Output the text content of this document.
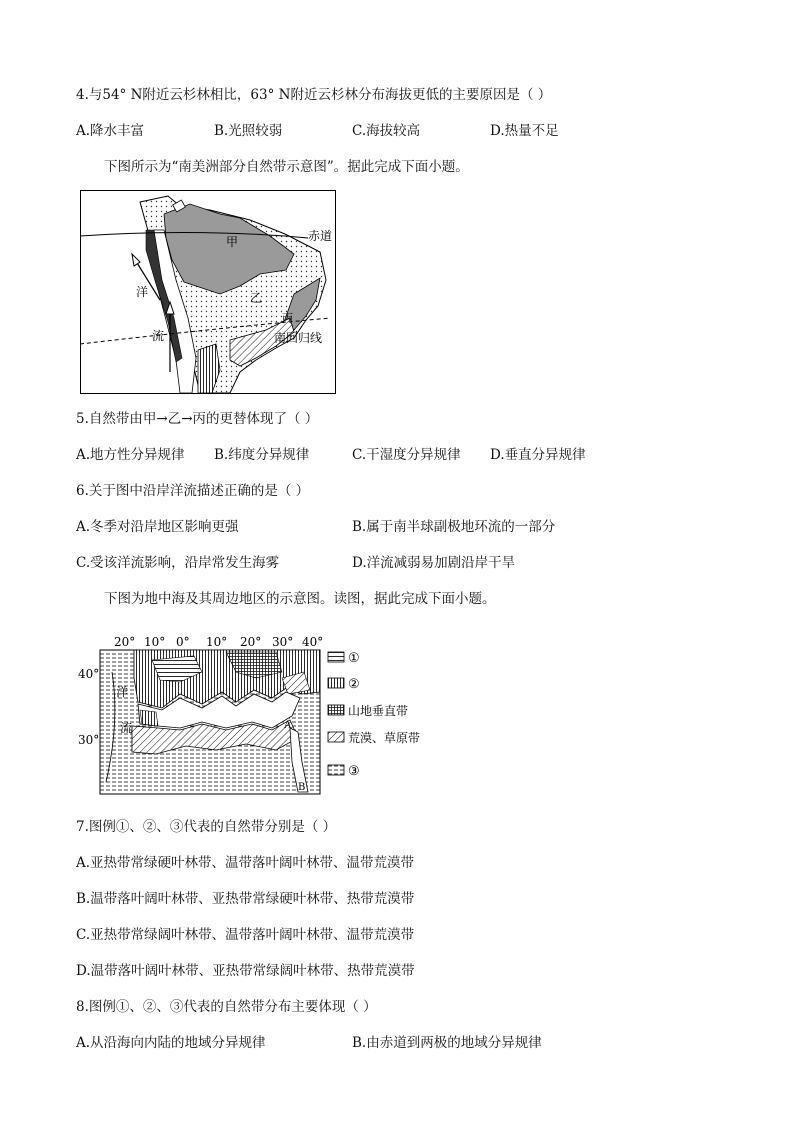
4.与54° N附近云杉林相比，63° N附近云杉林分布海拔更低的主要原因是（ ）
A.降水丰富	B.光照较弱	C.海拔较高	D.热量不足
下图所示为“南美洲部分自然带示意图”。据此完成下面小题。
甲
乙
丙
赤道
南回归线
洋
流
5.自然带由甲→乙→丙的更替体现了（ ）
A.地方性分异规律 B.纬度分异规律	C.干湿度分异规律 D.垂直分异规律
6.关于图中沿岸洋流描述正确的是（ ）
A.冬季对沿岸地区影响更强	B.属于南半球副极地环流的一部分
C.受该洋流影响，沿岸常发生海雾	D.洋流减弱易加剧沿岸干旱
下图为地中海及其周边地区的示意图。读图，据此完成下面小题。
20° 10° 0° 10° 20° 30° 40°
40°
30°
洋
流	A
B
①
②
山地垂直带
荒漠、草原带
③
7.图例①、②、③代表的自然带分别是（ ）
A.亚热带常绿硬叶林带、温带落叶阔叶林带、温带荒漠带
B.温带落叶阔叶林带、亚热带常绿硬叶林带、热带荒漠带
C.亚热带常绿阔叶林带、温带落叶阔叶林带、温带荒漠带
D.温带落叶阔叶林带、亚热带常绿阔叶林带、热带荒漠带
8.图例①、②、③代表的自然带分布主要体现（ ）
A.从沿海向内陆的地域分异规律	B.由赤道到两极的地域分异规律
